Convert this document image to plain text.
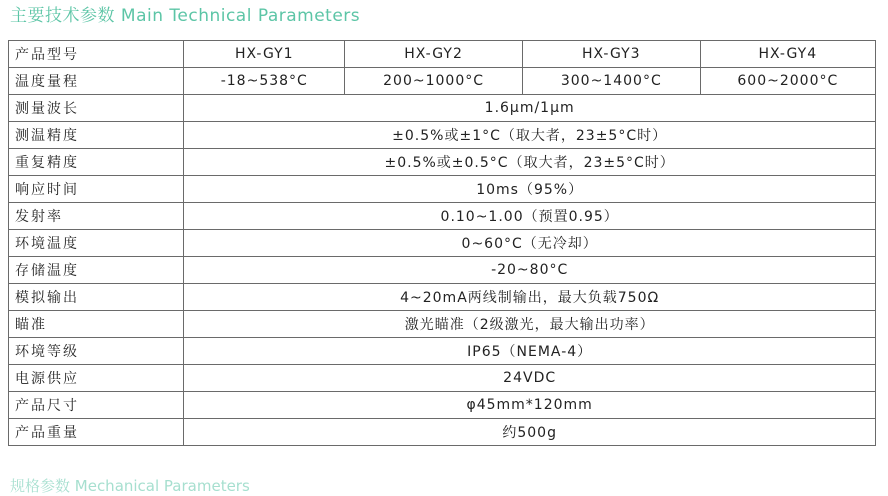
主要技术参数 Main Technical Parameters
产品型号	HX-GY1	HX-GY2	HX-GY3	HX-GY4
温度量程	-18~538°C	200~1000°C	300~1400°C	600~2000°C
测量波长	1.6μm/1μm			
测温精度	±0.5%或±1°C（取大者，23±5°C时）			
重复精度	±0.5%或±0.5°C（取大者，23±5°C时）			
响应时间	10ms（95%）			
发射率	0.10~1.00（预置0.95）			
环境温度	0~60°C（无冷却）			
存储温度	-20~80°C			
模拟输出	4~20mA两线制输出，最大负载750Ω			
瞄准	激光瞄准（2级激光，最大输出功率）			
环境等级	IP65（NEMA-4）			
电源供应	24VDC			
产品尺寸	φ45mm*120mm			
产品重量	约500g			
规格参数 Mechanical Parameters
